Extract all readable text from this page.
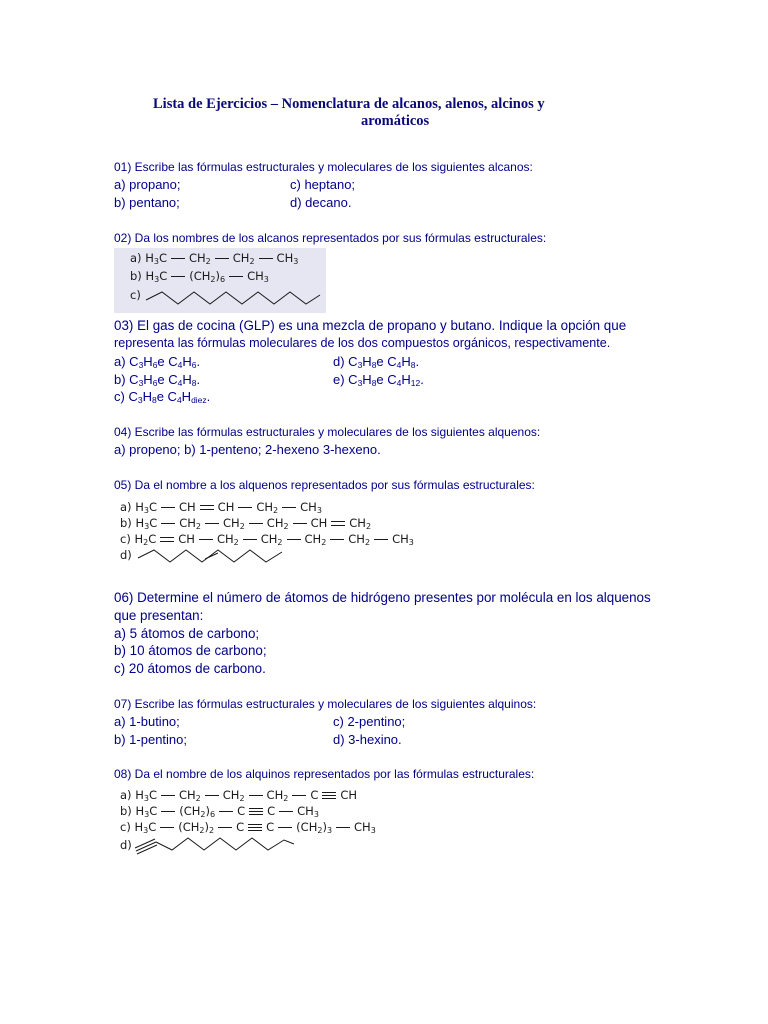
Lista de Ejercicios – Nomenclatura de alcanos, alenos, alcinos y
aromáticos
01) Escribe las fórmulas estructurales y moleculares de los siguientes alcanos:
a) propano;	c) heptano;
b) pentano;	d) decano.
02) Da los nombres de los alcanos representados por sus fórmulas estructurales:
a) $H_3C$ $CH_2$ $CH_2$ $CH_3$
b) $H_3C$ $(CH_2)_6$ $CH_3$
c)
03) El gas de cocina (GLP) es una mezcla de propano y butano. Indique la opción que
representa las fórmulas moleculares de los dos compuestos orgánicos, respectivamente.
a) $C_3H_6e$ $C_4H_6$.	d) $C_3H_8e$ $C_4H_8$.
b) $C_3H_6e$ $C_4H_8$.	e) $C_3H_8e$ $C_4H_{12}$.
c) $C_3H_8e$ $C_4H_{diez}$.
04) Escribe las fórmulas estructurales y moleculares de los siguientes alquenos:
a) propeno; b) 1-penteno; 2-hexeno 3-hexeno.
05) Da el nombre a los alquenos representados por sus fórmulas estructurales:
a) $H_3C$ CH CH $CH_2$ $CH_3$
b) $H_3C$ $CH_2$ $CH_2$ $CH_2$ CH $CH_2$
c) $H_2C$ CH $CH_2$ $CH_2$ $CH_2$ $CH_2$ $CH_3$
d)
06) Determine el número de átomos de hidrógeno presentes por molécula en los alquenos
que presentan:
a) 5 átomos de carbono;
b) 10 átomos de carbono;
c) 20 átomos de carbono.
07) Escribe las fórmulas estructurales y moleculares de los siguientes alquinos:
a) 1-butino;	c) 2-pentino;
b) 1-pentino;	d) 3-hexino.
08) Da el nombre de los alquinos representados por las fórmulas estructurales:
a) $H_3C$ $CH_2$ $CH_2$ $CH_2$ C CH
b) $H_3C$ $(CH_2)_6$ C C $CH_3$
c) $H_3C$ $(CH_2)_2$ C C $(CH_2)_3$ $CH_3$
d)
